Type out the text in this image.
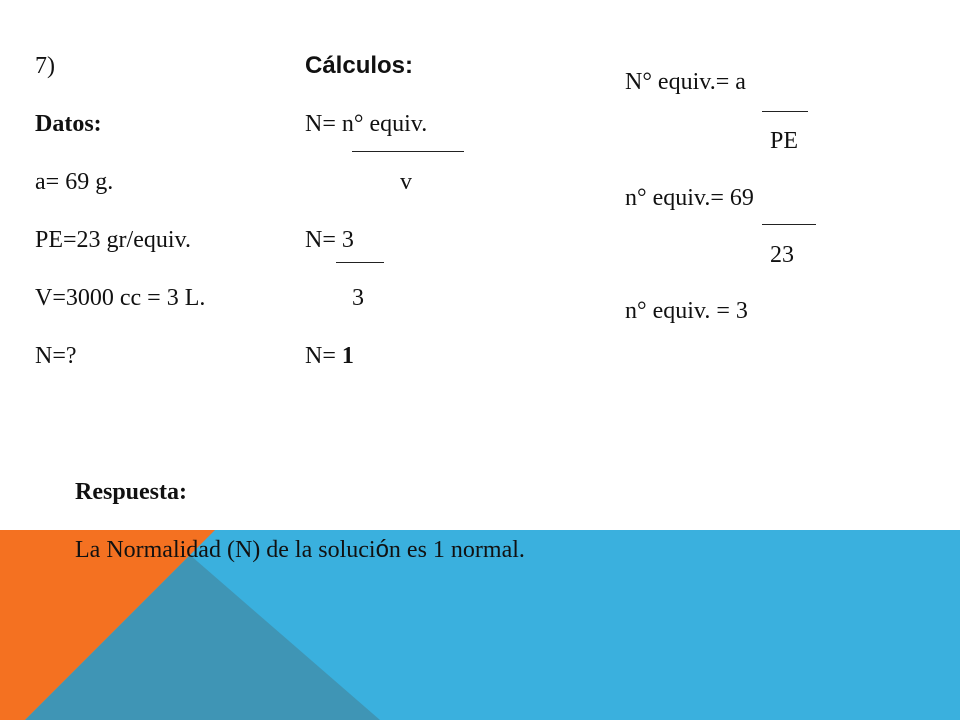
7)
Datos:
a= 69 g.
PE=23 gr/equiv.
V=3000 cc = 3 L.
N=?
Cálculos:
N= n° equiv.
v
N= 3
3
N= 1
N° equiv.= a
PE
n° equiv.= 69
23
n° equiv. = 3
Respuesta:
La Normalidad (N) de la solución es 1 normal.
